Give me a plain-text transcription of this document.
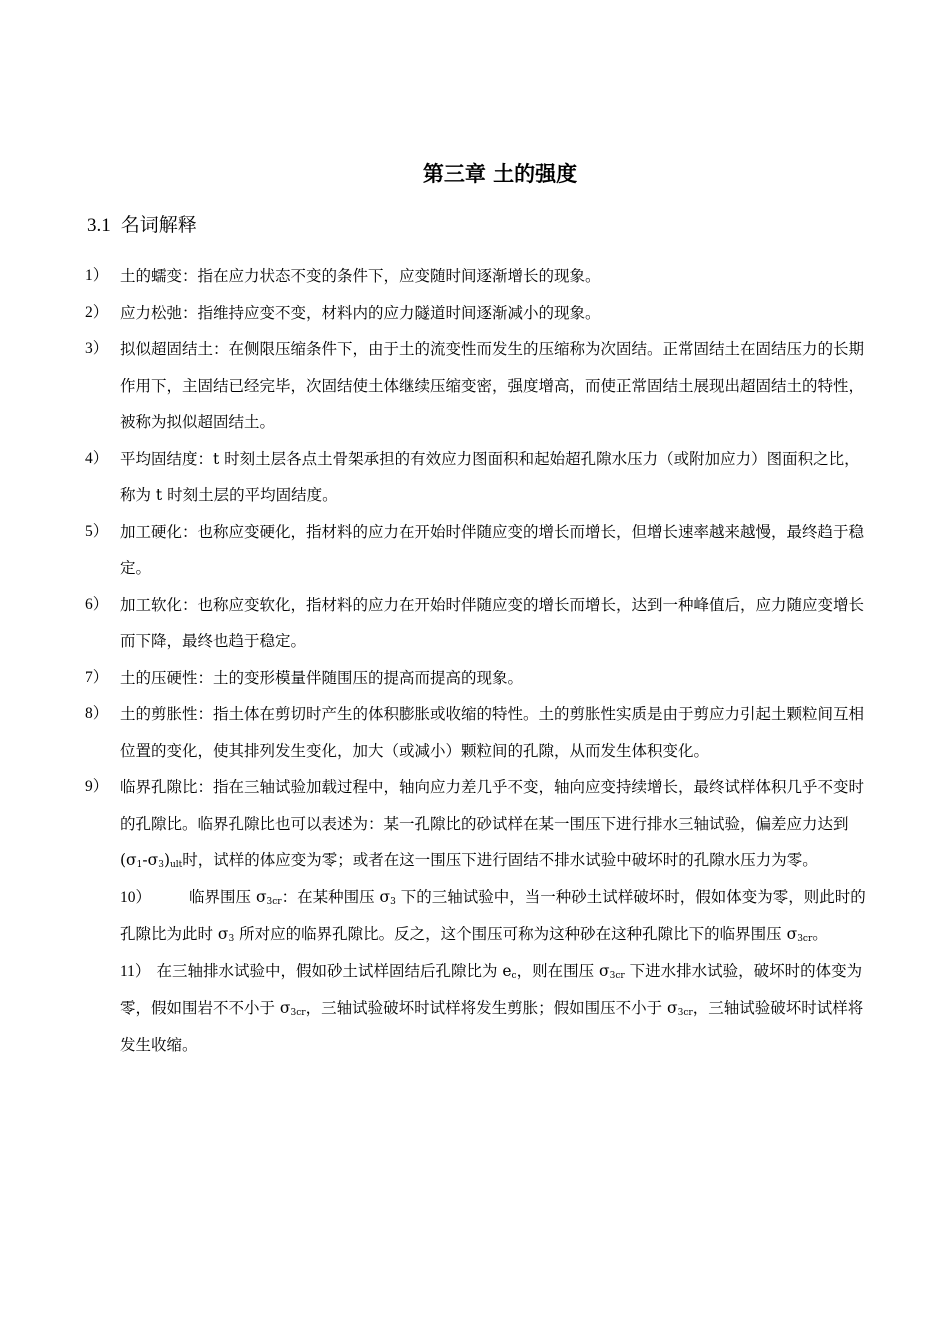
第三章 土的强度
3.1 名词解释
1） 土的蠕变：指在应力状态不变的条件下，应变随时间逐渐增长的现象。
2） 应力松弛：指维持应变不变，材料内的应力隧道时间逐渐减小的现象。
3） 拟似超固结土：在侧限压缩条件下，由于土的流变性而发生的压缩称为次固结。正常固结土在固结压力的长期作用下，主固结已经完毕，次固结使土体继续压缩变密，强度增高，而使正常固结土展现出超固结土的特性，被称为拟似超固结土。
4） 平均固结度：t 时刻土层各点土骨架承担的有效应力图面积和起始超孔隙水压力（或附加应力）图面积之比，称为 t 时刻土层的平均固结度。
5） 加工硬化：也称应变硬化，指材料的应力在开始时伴随应变的增长而增长，但增长速率越来越慢，最终趋于稳定。
6） 加工软化：也称应变软化，指材料的应力在开始时伴随应变的增长而增长，达到一种峰值后，应力随应变增长而下降，最终也趋于稳定。
7） 土的压硬性：土的变形模量伴随围压的提高而提高的现象。
8） 土的剪胀性：指土体在剪切时产生的体积膨胀或收缩的特性。土的剪胀性实质是由于剪应力引起土颗粒间互相位置的变化，使其排列发生变化，加大（或减小）颗粒间的孔隙，从而发生体积变化。
9） 临界孔隙比：指在三轴试验加载过程中，轴向应力差几乎不变，轴向应变持续增长，最终试样体积几乎不变时的孔隙比。临界孔隙比也可以表述为：某一孔隙比的砂试样在某一围压下进行排水三轴试验，偏差应力达到$(\sigma_1-\sigma_3)_{ult}$时，试样的体应变为零；或者在这一围压下进行固结不排水试验中破坏时的孔隙水压力为零。
10） 临界围压 $\sigma_{3cr}$：在某种围压 $\sigma_3$ 下的三轴试验中，当一种砂土试样破坏时，假如体变为零，则此时的孔隙比为此时 $\sigma_3$ 所对应的临界孔隙比。反之，这个围压可称为这种砂在这种孔隙比下的临界围压 $\sigma_{3cr}$。
11） 在三轴排水试验中，假如砂土试样固结后孔隙比为 $e_c$，则在围压 $\sigma_{3cr}$ 下进水排水试验，破坏时的体变为零，假如围岩不不小于 $\sigma_{3cr}$，三轴试验破坏时试样将发生剪胀；假如围压不小于 $\sigma_{3cr}$，三轴试验破坏时试样将发生收缩。
